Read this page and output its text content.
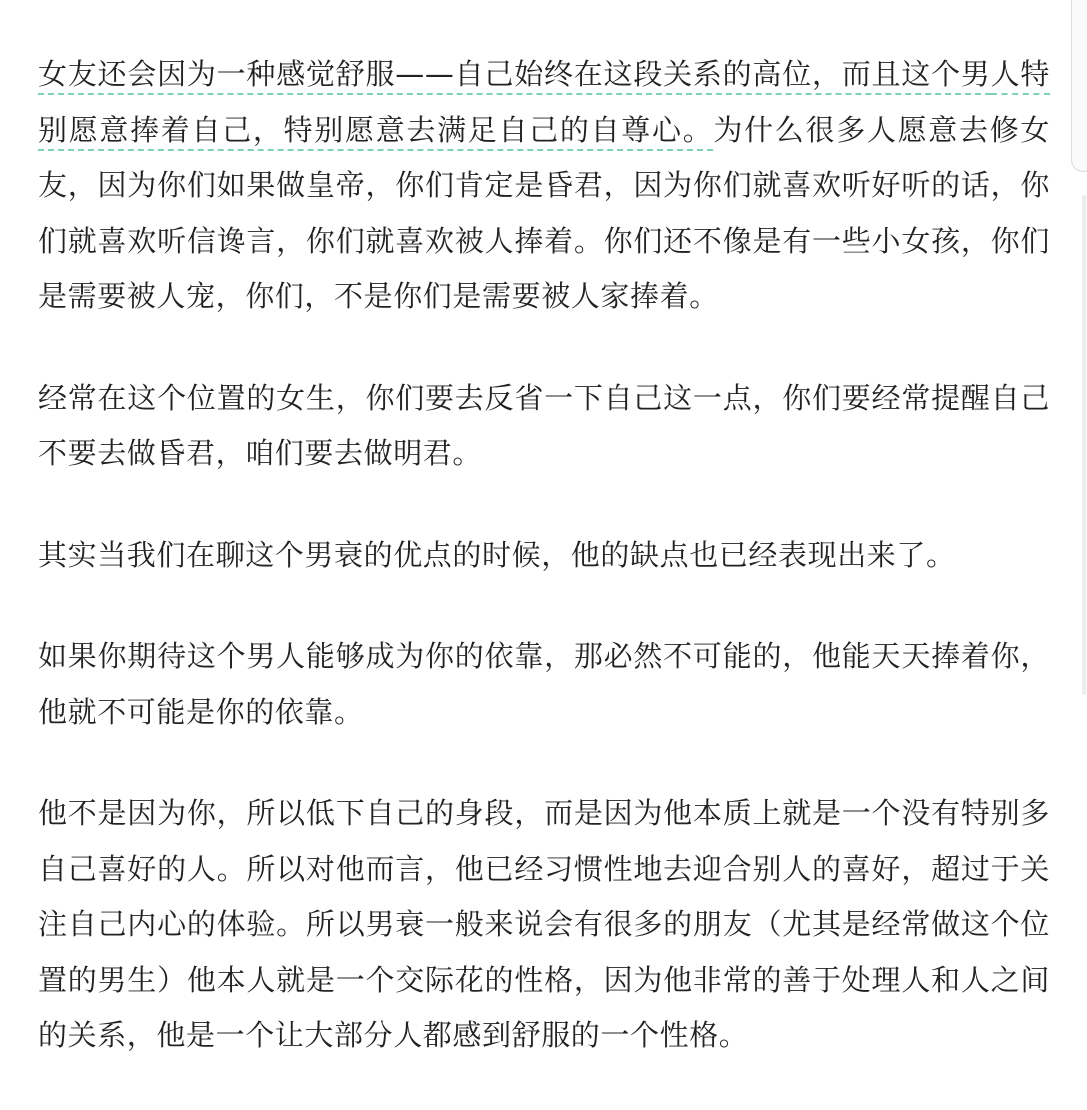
女友还会因为一种感觉舒服——自己始终在这段关系的高位，而且这个男人特别愿意捧着自己，特别愿意去满足自己的自尊心。为什么很多人愿意去修女友，因为你们如果做皇帝，你们肯定是昏君，因为你们就喜欢听好听的话，你们就喜欢听信谗言，你们就喜欢被人捧着。你们还不像是有一些小女孩，你们是需要被人宠，你们，不是你们是需要被人家捧着。

经常在这个位置的女生，你们要去反省一下自己这一点，你们要经常提醒自己不要去做昏君，咱们要去做明君。

其实当我们在聊这个男衰的优点的时候，他的缺点也已经表现出来了。

如果你期待这个男人能够成为你的依靠，那必然不可能的，他能天天捧着你，他就不可能是你的依靠。

他不是因为你，所以低下自己的身段，而是因为他本质上就是一个没有特别多自己喜好的人。所以对他而言，他已经习惯性地去迎合别人的喜好，超过于关注自己内心的体验。所以男衰一般来说会有很多的朋友（尤其是经常做这个位置的男生）他本人就是一个交际花的性格，因为他非常的善于处理人和人之间的关系，他是一个让大部分人都感到舒服的一个性格。
